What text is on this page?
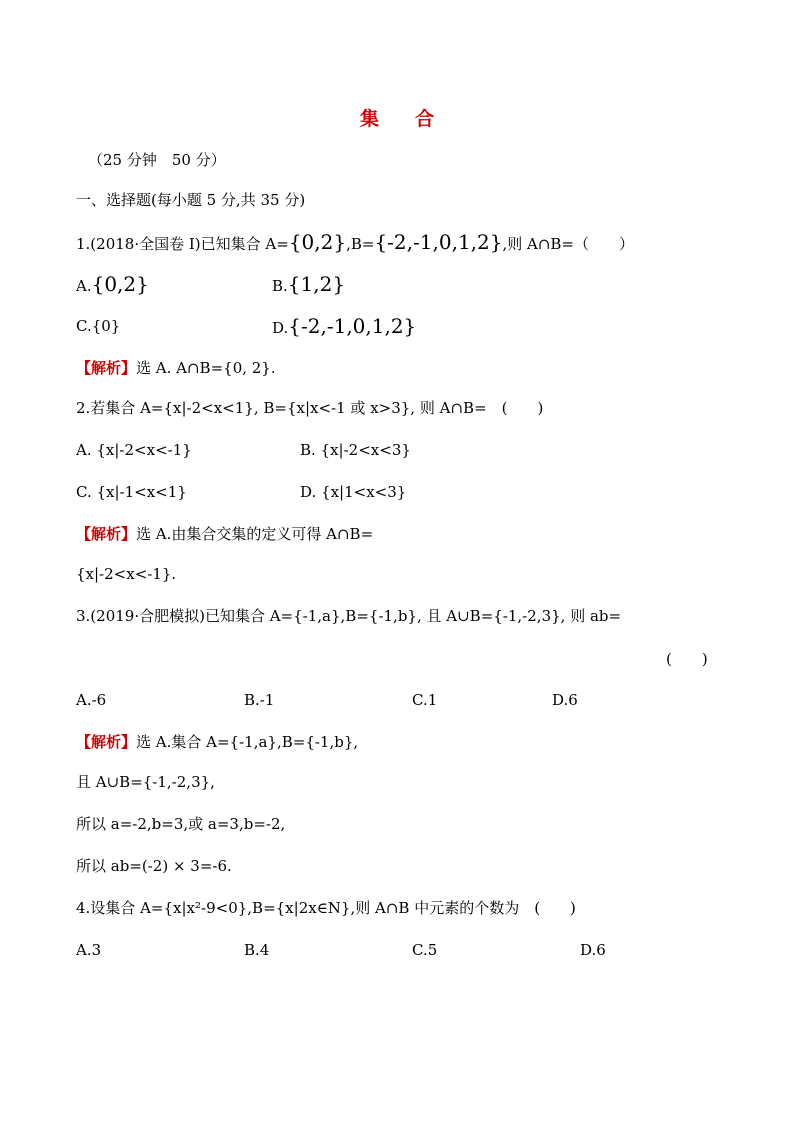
集合
（25 分钟　50 分）
一、选择题(每小题 5 分,共 35 分)
1.(2018·全国卷 I)已知集合 A={0,2},B={-2,-1,0,1,2},则 A∩B=（　　）
A.{0,2}	B.{1,2}
C.{0}	D.{-2,-1,0,1,2}
【解析】选 A. A∩B={0, 2}.
2.若集合 A={x|-2<x<1}, B={x|x<-1 或 x>3}, 则 A∩B=　(　　)
A. {x|-2<x<-1}	B. {x|-2<x<3}
C. {x|-1<x<1}	D. {x|1<x<3}
【解析】选 A.由集合交集的定义可得 A∩B=
{x|-2<x<-1}.
3.(2019·合肥模拟)已知集合 A={-1,a},B={-1,b}, 且 A∪B={-1,-2,3}, 则 ab=
(　　)
A.-6	B.-1	C.1	D.6
【解析】选 A.集合 A={-1,a},B={-1,b},
且 A∪B={-1,-2,3},
所以 a=-2,b=3,或 a=3,b=-2,
所以 ab=(-2) × 3=-6.
4.设集合 A={x|x²-9<0},B={x|2x∈N},则 A∩B 中元素的个数为　(　　)
A.3	B.4	C.5	D.6
